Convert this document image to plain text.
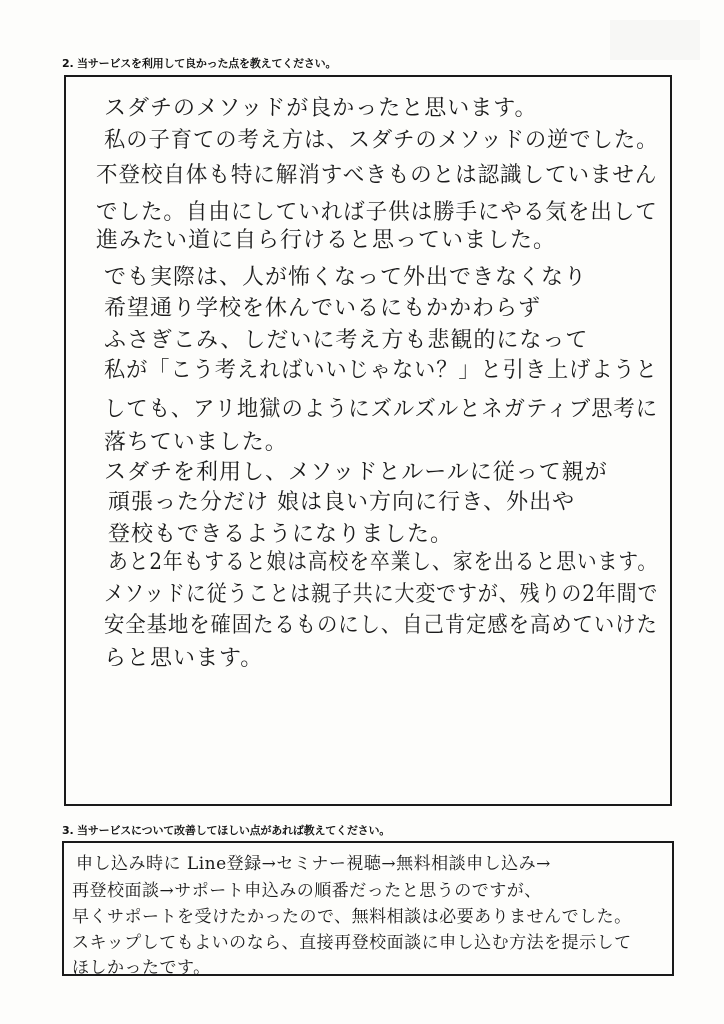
2. 当サービスを利用して良かった点を教えてください。
スダチのメソッドが良かったと思います。
私の子育ての考え方は、スダチのメソッドの逆でした。
不登校自体も特に解消すべきものとは認識していません
でした。自由にしていれば子供は勝手にやる気を出して
進みたい道に自ら行けると思っていました。
でも実際は、人が怖くなって外出できなくなり
希望通り学校を休んでいるにもかかわらず
ふさぎこみ、しだいに考え方も悲観的になって
私が「こう考えればいいじゃない？」と引き上げようと
しても、アリ地獄のようにズルズルとネガティブ思考に
落ちていました。
スダチを利用し、メソッドとルールに従って親が
頑張った分だけ 娘は良い方向に行き、外出や
登校もできるようになりました。
あと2年もすると娘は高校を卒業し、家を出ると思います。
メソッドに従うことは親子共に大変ですが、残りの2年間で
安全基地を確固たるものにし、自己肯定感を高めていけた
らと思います。
3. 当サービスについて改善してほしい点があれば教えてください。
申し込み時に Line登録→セミナー視聴→無料相談申し込み→
再登校面談→サポート申込みの順番だったと思うのですが、
早くサポートを受けたかったので、無料相談は必要ありませんでした。
スキップしてもよいのなら、直接再登校面談に申し込む方法を提示して
ほしかったです。
